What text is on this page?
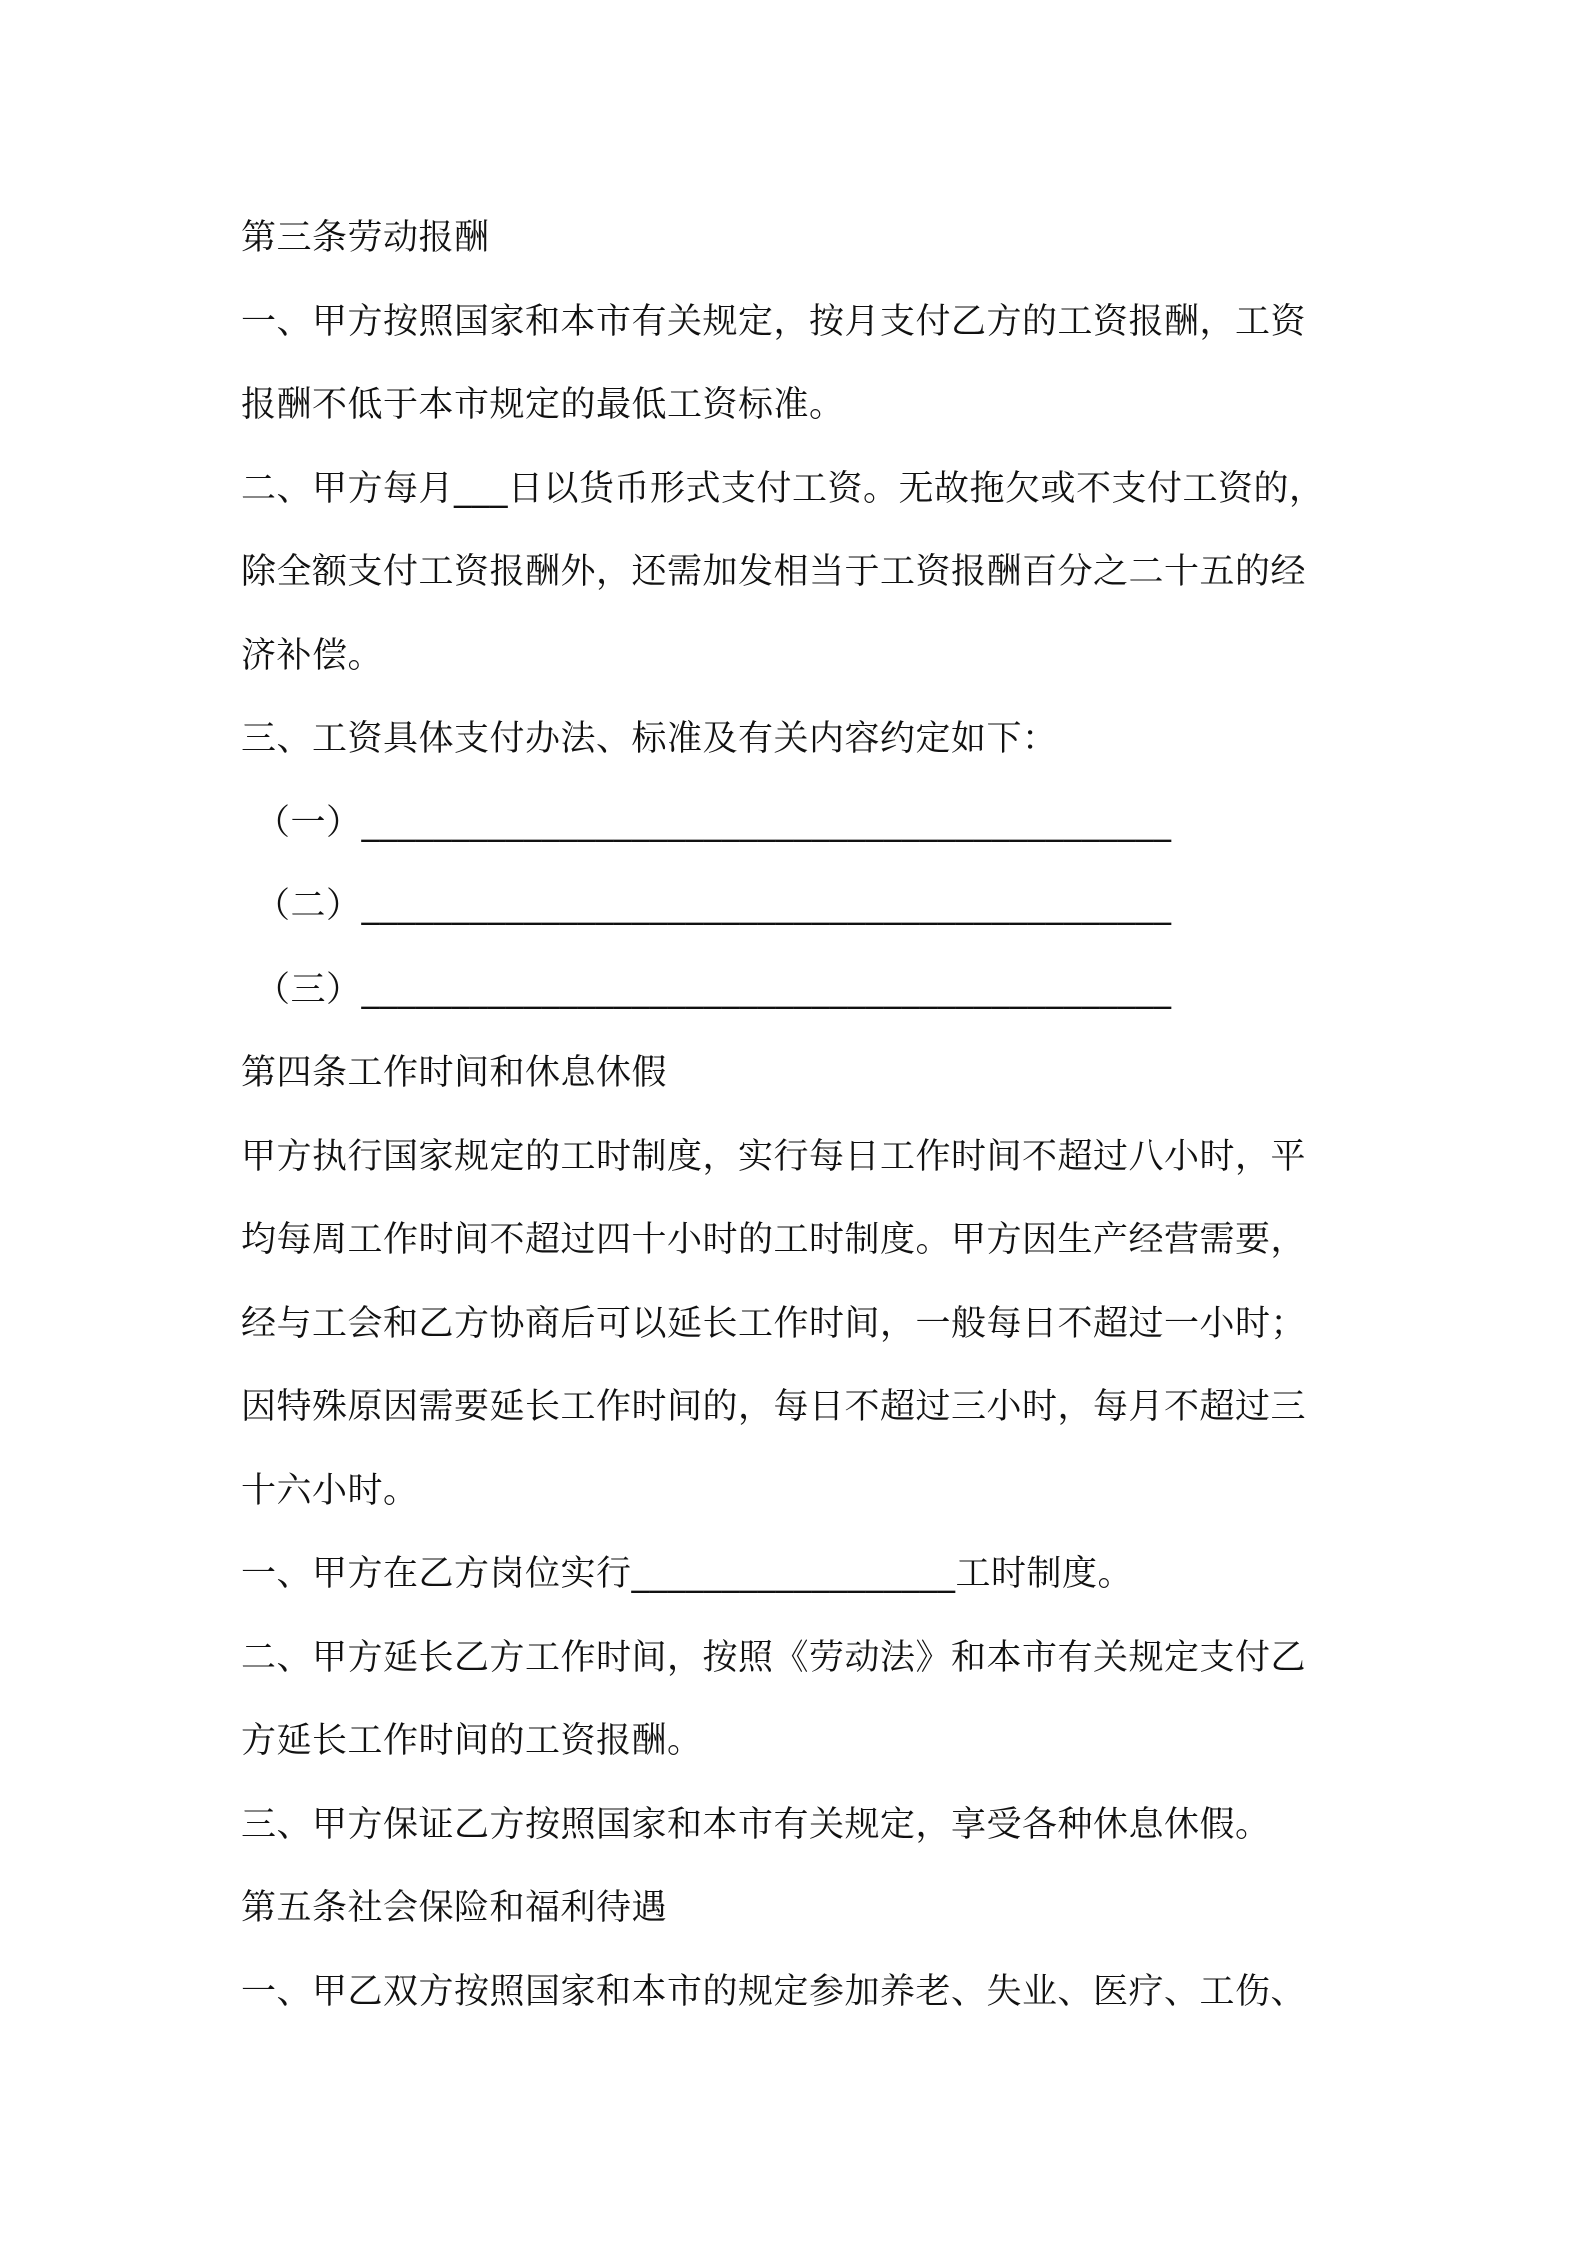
第三条劳动报酬
一、甲方按照国家和本市有关规定，按月支付乙方的工资报酬，工资
报酬不低于本市规定的最低工资标准。
二、甲方每月___日以货币形式支付工资。无故拖欠或不支付工资的，
除全额支付工资报酬外，还需加发相当于工资报酬百分之二十五的经
济补偿。
三、工资具体支付办法、标准及有关内容约定如下：
（一）_____________________________________________
（二）_____________________________________________
（三）_____________________________________________
第四条工作时间和休息休假
甲方执行国家规定的工时制度，实行每日工作时间不超过八小时，平
均每周工作时间不超过四十小时的工时制度。甲方因生产经营需要，
经与工会和乙方协商后可以延长工作时间，一般每日不超过一小时；
因特殊原因需要延长工作时间的，每日不超过三小时，每月不超过三
十六小时。
一、甲方在乙方岗位实行__________________工时制度。
二、甲方延长乙方工作时间，按照《劳动法》和本市有关规定支付乙
方延长工作时间的工资报酬。
三、甲方保证乙方按照国家和本市有关规定，享受各种休息休假。
第五条社会保险和福利待遇
一、甲乙双方按照国家和本市的规定参加养老、失业、医疗、工伤、
